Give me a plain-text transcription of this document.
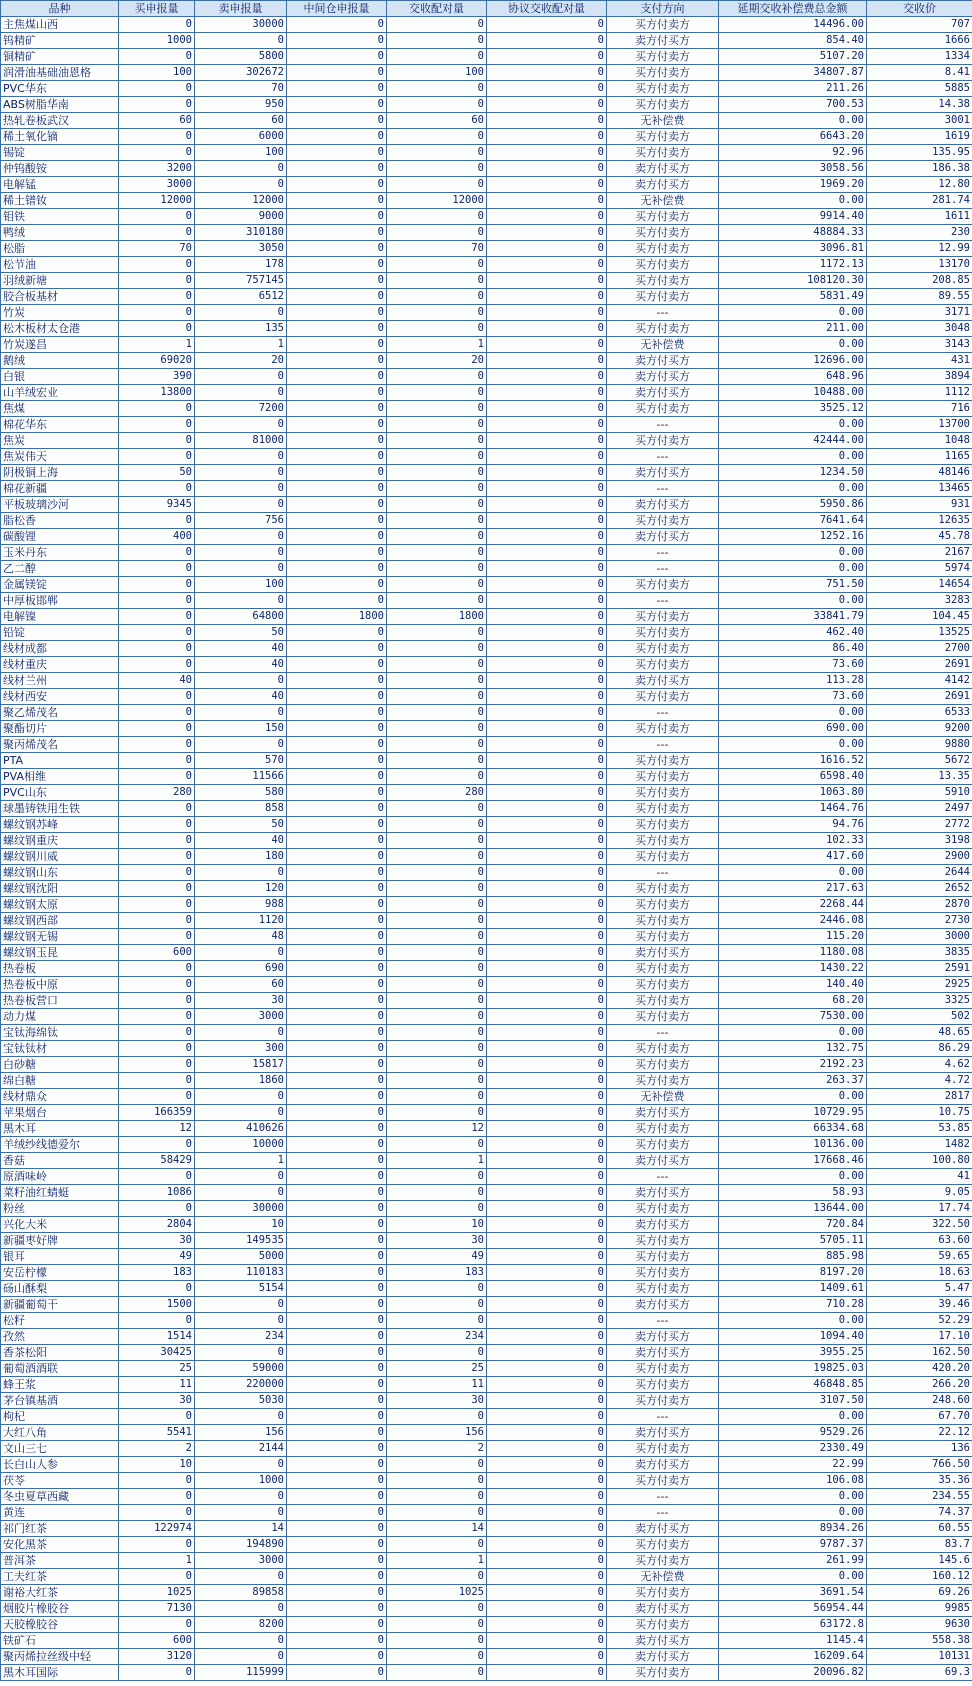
品种	买申报量	卖申报量	中间仓申报量	交收配对量	协议交收配对量	支付方向	延期交收补偿费总金额	交收价
主焦煤山西	0	30000	0	0	0	买方付卖方	14496.00	707
钨精矿	1000	0	0	0	0	卖方付买方	854.40	1666
铜精矿	0	5800	0	0	0	买方付卖方	5107.20	1334
润滑油基础油恩格	100	302672	0	100	0	买方付卖方	34807.87	8.41
PVC华东	0	70	0	0	0	买方付卖方	211.26	5885
ABS树脂华南	0	950	0	0	0	买方付卖方	700.53	14.38
热轧卷板武汉	60	60	0	60	0	无补偿费	0.00	3001
稀土氧化镝	0	6000	0	0	0	买方付卖方	6643.20	1619
锡锭	0	100	0	0	0	买方付卖方	92.96	135.95
仲钨酸铵	3200	0	0	0	0	卖方付买方	3058.56	186.38
电解锰	3000	0	0	0	0	卖方付买方	1969.20	12.80
稀土镨钕	12000	12000	0	12000	0	无补偿费	0.00	281.74
钼铁	0	9000	0	0	0	买方付卖方	9914.40	1611
鸭绒	0	310180	0	0	0	买方付卖方	48884.33	230
松脂	70	3050	0	70	0	买方付卖方	3096.81	12.99
松节油	0	178	0	0	0	买方付卖方	1172.13	13170
羽绒新塘	0	757145	0	0	0	买方付卖方	108120.30	208.85
胶合板基材	0	6512	0	0	0	买方付卖方	5831.49	89.55
竹炭	0	0	0	0	0	---	0.00	3171
松木板材太仓港	0	135	0	0	0	买方付卖方	211.00	3048
竹炭遂昌	1	1	0	1	0	无补偿费	0.00	3143
鹅绒	69020	20	0	20	0	卖方付买方	12696.00	431
白银	390	0	0	0	0	卖方付买方	648.96	3894
山羊绒宏业	13800	0	0	0	0	卖方付买方	10488.00	1112
焦煤	0	7200	0	0	0	买方付卖方	3525.12	716
棉花华东	0	0	0	0	0	---	0.00	13700
焦炭	0	81000	0	0	0	买方付卖方	42444.00	1048
焦炭伟天	0	0	0	0	0	---	0.00	1165
阴极铜上海	50	0	0	0	0	卖方付买方	1234.50	48146
棉花新疆	0	0	0	0	0	---	0.00	13465
平板玻璃沙河	9345	0	0	0	0	卖方付买方	5950.86	931
脂松香	0	756	0	0	0	买方付卖方	7641.64	12635
碳酸锂	400	0	0	0	0	卖方付买方	1252.16	45.78
玉米丹东	0	0	0	0	0	---	0.00	2167
乙二醇	0	0	0	0	0	---	0.00	5974
金属镁锭	0	100	0	0	0	买方付卖方	751.50	14654
中厚板邯郸	0	0	0	0	0	---	0.00	3283
电解镍	0	64800	1800	1800	0	买方付卖方	33841.79	104.45
铅锭	0	50	0	0	0	买方付卖方	462.40	13525
线材成都	0	40	0	0	0	买方付卖方	86.40	2700
线材重庆	0	40	0	0	0	买方付卖方	73.60	2691
线材兰州	40	0	0	0	0	卖方付买方	113.28	4142
线材西安	0	40	0	0	0	买方付卖方	73.60	2691
聚乙烯茂名	0	0	0	0	0	---	0.00	6533
聚酯切片	0	150	0	0	0	买方付卖方	690.00	9200
聚丙烯茂名	0	0	0	0	0	---	0.00	9880
PTA	0	570	0	0	0	买方付卖方	1616.52	5672
PVA相维	0	11566	0	0	0	买方付卖方	6598.40	13.35
PVC山东	280	580	0	280	0	买方付卖方	1063.80	5910
球墨铸铁用生铁	0	858	0	0	0	买方付卖方	1464.76	2497
螺纹钢苏峰	0	50	0	0	0	买方付卖方	94.76	2772
螺纹钢重庆	0	40	0	0	0	买方付卖方	102.33	3198
螺纹钢川威	0	180	0	0	0	买方付卖方	417.60	2900
螺纹钢山东	0	0	0	0	0	---	0.00	2644
螺纹钢沈阳	0	120	0	0	0	买方付卖方	217.63	2652
螺纹钢太原	0	988	0	0	0	买方付卖方	2268.44	2870
螺纹钢西部	0	1120	0	0	0	买方付卖方	2446.08	2730
螺纹钢无锡	0	48	0	0	0	买方付卖方	115.20	3000
螺纹钢玉昆	600	0	0	0	0	卖方付买方	1180.08	3835
热卷板	0	690	0	0	0	买方付卖方	1430.22	2591
热卷板中原	0	60	0	0	0	买方付卖方	140.40	2925
热卷板营口	0	30	0	0	0	买方付卖方	68.20	3325
动力煤	0	3000	0	0	0	买方付卖方	7530.00	502
宝钛海绵钛	0	0	0	0	0	---	0.00	48.65
宝钛钛材	0	300	0	0	0	买方付卖方	132.75	86.29
白砂糖	0	15817	0	0	0	买方付卖方	2192.23	4.62
绵白糖	0	1860	0	0	0	买方付卖方	263.37	4.72
线材鼎众	0	0	0	0	0	无补偿费	0.00	2817
苹果烟台	166359	0	0	0	0	卖方付买方	10729.95	10.75
黑木耳	12	410626	0	12	0	买方付卖方	66334.68	53.85
羊绒纱线德爱尔	0	10000	0	0	0	买方付卖方	10136.00	1482
香菇	58429	1	0	1	0	卖方付买方	17668.46	100.80
原酒味岭	0	0	0	0	0	---	0.00	41
菜籽油红蜻蜓	1086	0	0	0	0	卖方付买方	58.93	9.05
粉丝	0	30000	0	0	0	买方付卖方	13644.00	17.74
兴化大米	2804	10	0	10	0	卖方付买方	720.84	322.50
新疆枣好牌	30	149535	0	30	0	买方付卖方	5705.11	63.60
银耳	49	5000	0	49	0	买方付卖方	885.98	59.65
安岳柠檬	183	110183	0	183	0	买方付卖方	8197.20	18.63
砀山酥梨	0	5154	0	0	0	买方付卖方	1409.61	5.47
新疆葡萄干	1500	0	0	0	0	卖方付买方	710.28	39.46
松籽	0	0	0	0	0	---	0.00	52.29
孜然	1514	234	0	234	0	卖方付买方	1094.40	17.10
香茶松阳	30425	0	0	0	0	卖方付买方	3955.25	162.50
葡萄酒酒联	25	59000	0	25	0	买方付卖方	19825.03	420.20
蜂王浆	11	220000	0	11	0	买方付卖方	46848.85	266.20
茅台镇基酒	30	5030	0	30	0	买方付卖方	3107.50	248.60
枸杞	0	0	0	0	0	---	0.00	67.70
大红八角	5541	156	0	156	0	卖方付买方	9529.26	22.12
文山三七	2	2144	0	2	0	买方付卖方	2330.49	136
长白山人参	10	0	0	0	0	卖方付买方	22.99	766.50
茯苓	0	1000	0	0	0	买方付卖方	106.08	35.36
冬虫夏草西藏	0	0	0	0	0	---	0.00	234.55
黄连	0	0	0	0	0	---	0.00	74.37
祁门红茶	122974	14	0	14	0	卖方付买方	8934.26	60.55
安化黑茶	0	194890	0	0	0	买方付卖方	9787.37	83.7
普洱茶	1	3000	0	1	0	买方付卖方	261.99	145.6
工夫红茶	0	0	0	0	0	无补偿费	0.00	160.12
谢裕大红茶	1025	89858	0	1025	0	买方付卖方	3691.54	69.26
烟胶片橡胶谷	7130	0	0	0	0	卖方付买方	56954.44	9985
天胶橡胶谷	0	8200	0	0	0	买方付卖方	63172.8	9630
铁矿石	600	0	0	0	0	卖方付买方	1145.4	558.38
聚丙烯拉丝级中轻	3120	0	0	0	0	卖方付买方	16209.64	10131
黑木耳国际	0	115999	0	0	0	买方付卖方	20096.82	69.3
